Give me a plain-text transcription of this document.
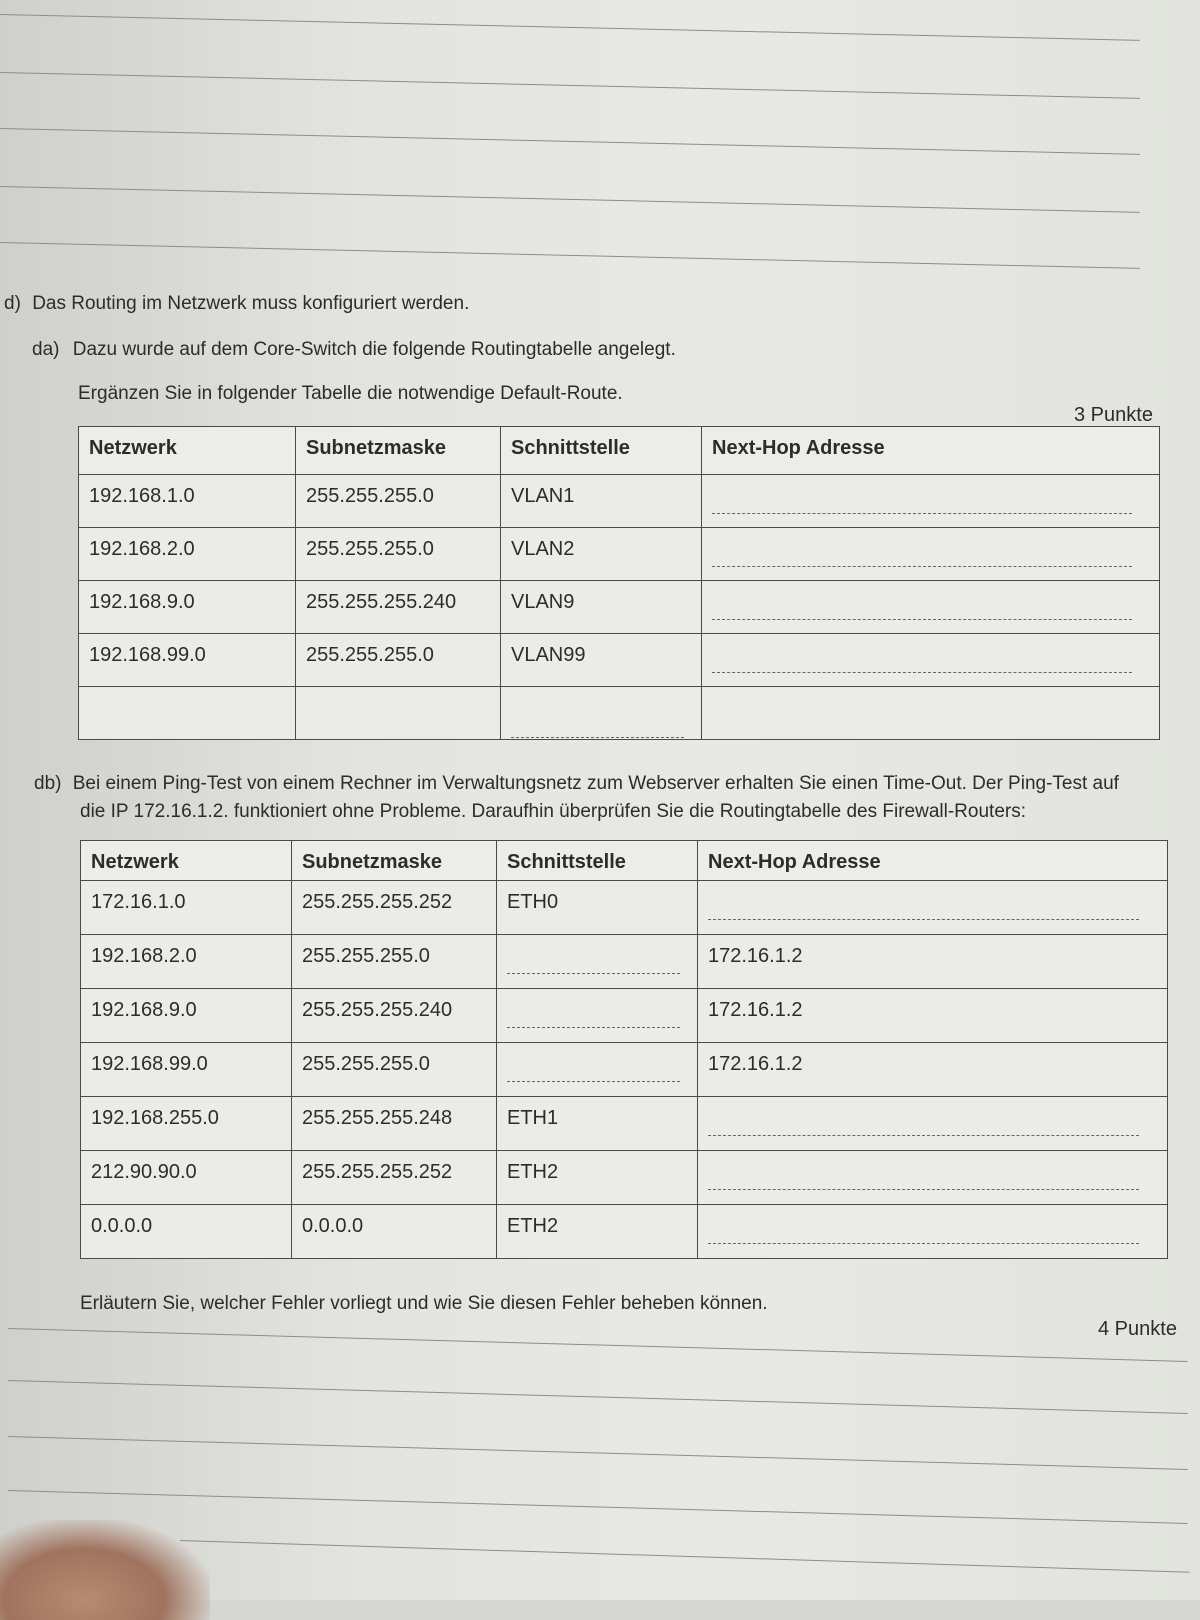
d) Das Routing im Netzwerk muss konfiguriert werden.
da) Dazu wurde auf dem Core-Switch die folgende Routingtabelle angelegt.
Ergänzen Sie in folgender Tabelle die notwendige Default-Route.
3 Punkte
Netzwerk	Subnetzmaske	Schnittstelle	Next-Hop Adresse
192.168.1.0	255.255.255.0	VLAN1	

192.168.2.0	255.255.255.0	VLAN2	

192.168.9.0	255.255.255.240	VLAN9	

192.168.99.0	255.255.255.0	VLAN99	

db) Bei einem Ping-Test von einem Rechner im Verwaltungsnetz zum Webserver erhalten Sie einen Time-Out. Der Ping-Test auf
die IP 172.16.1.2. funktioniert ohne Probleme. Daraufhin überprüfen Sie die Routingtabelle des Firewall-Routers:
Netzwerk	Subnetzmaske	Schnittstelle	Next-Hop Adresse
172.16.1.0	255.255.255.252	ETH0	

192.168.2.0	255.255.255.0		172.16.1.2
192.168.9.0	255.255.255.240		172.16.1.2
192.168.99.0	255.255.255.0		172.16.1.2
192.168.255.0	255.255.255.248	ETH1	

212.90.90.0	255.255.255.252	ETH2	

0.0.0.0	0.0.0.0	ETH2	
Erläutern Sie, welcher Fehler vorliegt und wie Sie diesen Fehler beheben können.
4 Punkte
